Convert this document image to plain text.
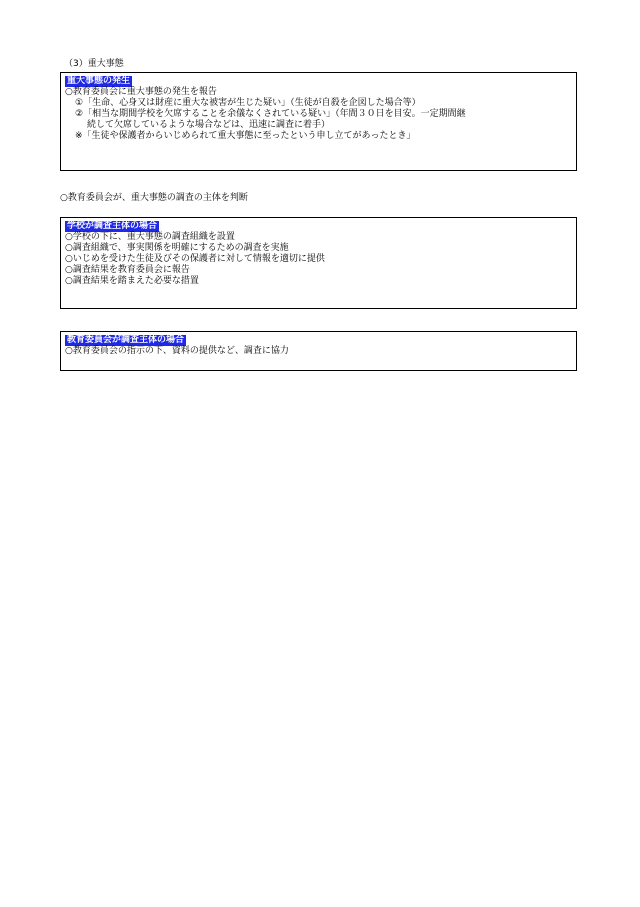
（3）重大事態
重大事態の発生
○教育委員会に重大事態の発生を報告
①「生命、心身又は財産に重大な被害が生じた疑い」（生徒が自殺を企図した場合等）
②「相当な期間学校を欠席することを余儀なくされている疑い」（年間３０日を目安。一定期間継
続して欠席しているような場合などは、迅速に調査に着手）
※「生徒や保護者からいじめられて重大事態に至ったという申し立てがあったとき」
○教育委員会が、重大事態の調査の主体を判断
学校が調査主体の場合
○学校の下に、重大事態の調査組織を設置
○調査組織で、事実関係を明確にするための調査を実施
○いじめを受けた生徒及びその保護者に対して情報を適切に提供
○調査結果を教育委員会に報告
○調査結果を踏まえた必要な措置
教育委員会が調査主体の場合
○教育委員会の指示の下、資料の提供など、調査に協力
